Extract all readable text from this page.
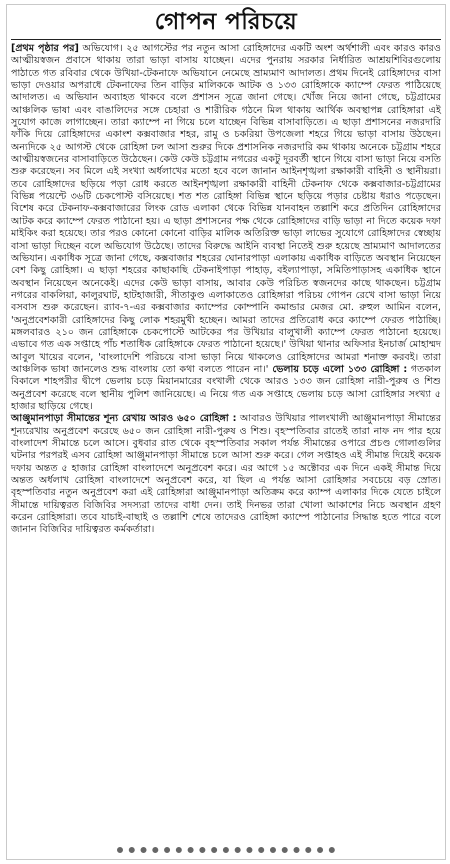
গোপন পরিচয়ে

[প্রথম পৃষ্ঠার পর] অভিযোগ। ২৫ আগস্টের পর নতুন আসা রোহিঙ্গাদের একটি অংশ অর্থশালী এবং কারও কারও আত্মীয়স্বজন প্রবাসে থাকায় তারা ভাড়া বাসায় যাচ্ছেন। এদের পুনরায় সরকার নির্ধারিত আশ্রয়শিবিরগুলোয় পাঠাতে গত রবিবার থেকে উখিয়া-টেকনাফে অভিযানে নেমেছে ভ্রাম্যমাণ আদালত। প্রথম দিনেই রোহিঙ্গাদের বাসা ভাড়া দেওয়ার অপরাধে টেকনাফের তিন বাড়ির মালিককে আটক ও ১৩৩ রোহিঙ্গাকে ক্যাম্পে ফেরত পাঠিয়েছে আদালত। এ অভিযান অব্যাহত থাকবে বলে প্রশাসন সূত্রে জানা গেছে। খোঁজ নিয়ে জানা গেছে, চট্টগ্রামের আঞ্চলিক ভাষা এবং বাঙালিদের সঙ্গে চেহারা ও শারীরিক গঠনে মিল থাকায় আর্থিক অবস্থাপন্ন রোহিঙ্গারা এই সুযোগ কাজে লাগাচ্ছেন। তারা ক্যাম্পে না গিয়ে চলে যাচ্ছেন বিভিন্ন বাসাবাড়িতে। এ ছাড়া প্রশাসনের নজরদারি ফাঁকি দিয়ে রোহিঙ্গাদের একাংশ কক্সবাজার শহর, রামু ও চকরিয়া উপজেলা শহরে গিয়ে ভাড়া বাসায় উঠছেন। অন্যদিকে ২৫ আগস্ট থেকে রোহিঙ্গা ঢল আসা শুরুর দিকে প্রশাসনিক নজরদারি কম থাকায় অনেকে চট্টগ্রাম শহরে আত্মীয়স্বজনের বাসাবাড়িতে উঠেছেন। কেউ কেউ চট্টগ্রাম নগরের একটু দূরবর্তী স্থানে গিয়ে বাসা ভাড়া নিয়ে বসতি শুরু করেছেন। সব মিলে এই সংখ্যা অর্ধলাখের মতো হবে বলে জানান আইনশৃঙ্খলা রক্ষাকারী বাহিনী ও স্থানীয়রা। তবে রোহিঙ্গাদের ছড়িয়ে পড়া রোধ করতে আইনশৃঙ্খলা রক্ষাকারী বাহিনী টেকনাফ থেকে কক্সবাজার-চট্টগ্রামের বিভিন্ন পয়েন্টে ৩৬টি চেকপোস্ট বসিয়েছে। শত শত রোহিঙ্গা বিভিন্ন স্থানে ছড়িয়ে পড়ার চেষ্টায় ধরাও পড়েছেন। বিশেষ করে টেকনাফ-কক্সবাজারের লিংক রোড এলাকা থেকে বিভিন্ন যানবাহন তল্লাশি করে প্রতিদিন রোহিঙ্গাদের আটক করে ক্যাম্পে ফেরত পাঠানো হয়। এ ছাড়া প্রশাসনের পক্ষ থেকে রোহিঙ্গাদের বাড়ি ভাড়া না দিতে কয়েক দফা মাইকিং করা হয়েছে। তার পরও কোনো কোনো বাড়ির মালিক অতিরিক্ত ভাড়া লাভের সুযোগে রোহিঙ্গাদের স্বেচ্ছায় বাসা ভাড়া দিচ্ছেন বলে অভিযোগ উঠেছে। তাদের বিরুদ্ধে আইনি ব্যবস্থা নিতেই শুরু হয়েছে ভ্রাম্যমাণ আদালতের অভিযান। একাধিক সূত্রে জানা গেছে, কক্সবাজার শহরের ঘোনারপাড়া এলাকায় একাধিক বাড়িতে অবস্থান নিয়েছেন বেশ কিছু রোহিঙ্গা। এ ছাড়া শহরের কাছাকাছি টেকনাইপাড়া পাহাড়, বইল্যাপাড়া, সমিতিপাড়াসহ একাধিক স্থানে অবস্থান নিয়েছেন অনেকেই। এদের কেউ ভাড়া বাসায়, আবার কেউ পরিচিত স্বজনদের কাছে থাকছেন। চট্টগ্রাম নগরের বাকলিয়া, কালুরঘাট, হাটহাজারী, সীতাকুণ্ড এলাকাতেও রোহিঙ্গারা পরিচয় গোপন রেখে বাসা ভাড়া নিয়ে বসবাস শুরু করেছেন। র‌্যাব-৭-এর কক্সবাজার ক্যাম্পের কোম্পানি কমান্ডার মেজর মো. রুহুল আমিন বলেন, 'অনুপ্রবেশকারী রোহিঙ্গাদের কিছু লোক শহরমুখী হচ্ছেন। আমরা তাদের প্রতিরোধ করে ক্যাম্পে ফেরত পাঠাচ্ছি। মঙ্গলবারও ২১০ জন রোহিঙ্গাকে চেকপোস্টে আটকের পর উখিয়ার বালুখালী ক্যাম্পে ফেরত পাঠানো হয়েছে। এভাবে গত এক সপ্তাহে পাঁচ শতাধিক রোহিঙ্গাকে ফেরত পাঠানো হয়েছে।' উখিয়া থানার অফিসার ইনচার্জ মোহাম্মদ আবুল খায়ের বলেন, 'বাংলাদেশি পরিচয়ে বাসা ভাড়া নিয়ে থাকলেও রোহিঙ্গাদের আমরা শনাক্ত করবই। তারা আঞ্চলিক ভাষা জানলেও শুদ্ধ বাংলায় তো কথা বলতে পারেন না।' ভেলায় চড়ে এলো ১৩৩ রোহিঙ্গা : গতকাল বিকালে শাহপরীর দ্বীপে ভেলায় চড়ে মিয়ানমারের বংখালী থেকে আরও ১৩৩ জন রোহিঙ্গা নারী-পুরুষ ও শিশু অনুপ্রবেশ করেছে বলে স্থানীয় পুলিশ জানিয়েছে। এ নিয়ে গত এক সপ্তাহে ভেলায় চড়ে আসা রোহিঙ্গার সংখ্যা ৫ হাজার ছাড়িয়ে গেছে।

আঞ্জুমানপাড়া সীমান্তের শূন্য রেখায় আরও ৬৫০ রোহিঙ্গা : আবারও উখিয়ার পালংখালী আঞ্জুমানপাড়া সীমান্তের শূন্যরেখায় অনুপ্রবেশ করেছে ৬৫০ জন রোহিঙ্গা নারী-পুরুষ ও শিশু। বৃহস্পতিবার রাতেই তারা নাফ নদ পার হয়ে বাংলাদেশ সীমান্তে চলে আসে। বুধবার রাত থেকে বৃহস্পতিবার সকাল পর্যন্ত সীমান্তের ওপারে প্রচণ্ড গোলাগুলির ঘটনার পরপরই এসব রোহিঙ্গা আঞ্জুমানপাড়া সীমান্তে চলে আসা শুরু করে। গেল সপ্তাহও এই সীমান্ত দিয়েই কয়েক দফায় অন্তত ৫ হাজার রোহিঙ্গা বাংলাদেশে অনুপ্রবেশ করে। এর আগে ১৫ অক্টোবর এক দিনে একই সীমান্ত দিয়ে অন্তত অর্ধলাখ রোহিঙ্গা বাংলাদেশে অনুপ্রবেশ করে, যা ছিল এ পর্যন্ত আসা রোহিঙ্গার সবচেয়ে বড় স্রোত। বৃহস্পতিবার নতুন অনুপ্রবেশ করা এই রোহিঙ্গারা আঞ্জুমানপাড়া অতিক্রম করে ক্যাম্প এলাকার দিকে যেতে চাইলে সীমান্তে দায়িত্বরত বিজিবির সদস্যরা তাদের বাধা দেন। তাই দিনভর তারা খোলা আকাশের নিচে অবস্থান গ্রহণ করেন রোহিঙ্গারা। তবে যাচাই-বাছাই ও তল্লাশি শেষে তাদেরও রোহিঙ্গা ক্যাম্পে পাঠানোর সিদ্ধান্ত হতে পারে বলে জানান বিজিবির দায়িত্বরত কর্মকর্তারা।
